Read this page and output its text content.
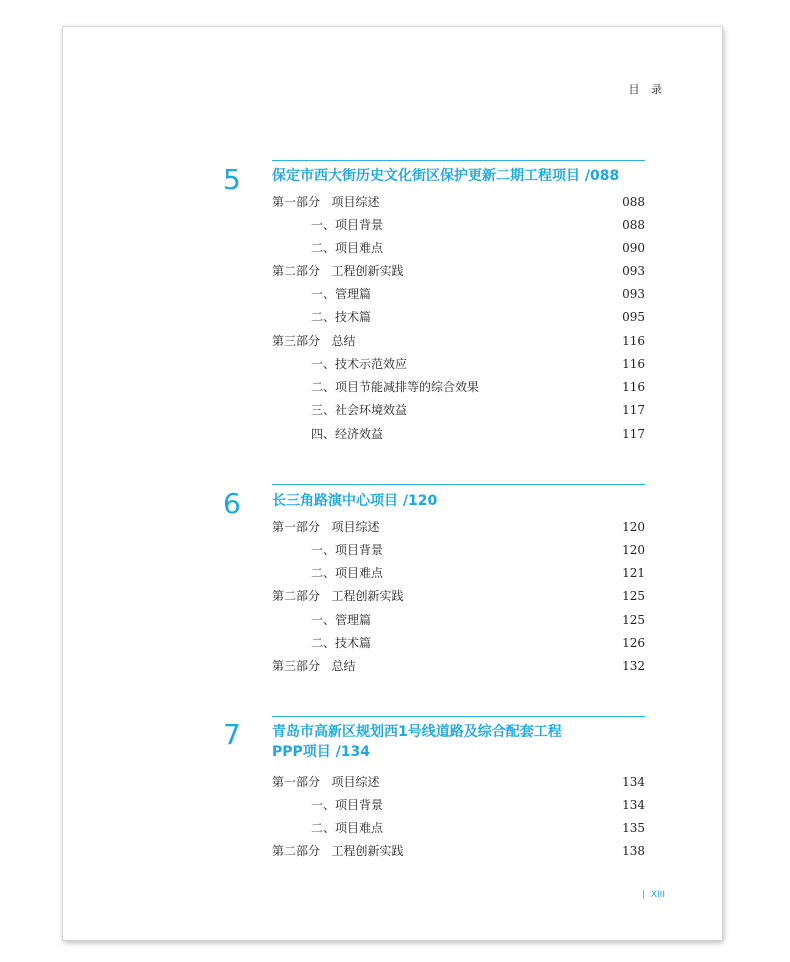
目 录
5	保定市西大街历史文化街区保护更新二期工程项目 /088
第一部分   项目综述	088
一、项目背景	088
二、项目难点	090
第二部分   工程创新实践	093
一、管理篇	093
二、技术篇	095
第三部分   总结	116
一、技术示范效应	116
二、项目节能减排等的综合效果	116
三、社会环境效益	117
四、经济效益	117
6	长三角路演中心项目 /120
第一部分   项目综述	120
一、项目背景	120
二、项目难点	121
第二部分   工程创新实践	125
一、管理篇	125
二、技术篇	126
第三部分   总结	132
7	青岛市高新区规划西1号线道路及综合配套工程
PPP项目 /134
第一部分   项目综述	134
一、项目背景	134
二、项目难点	135
第二部分   工程创新实践	138
| XIII
